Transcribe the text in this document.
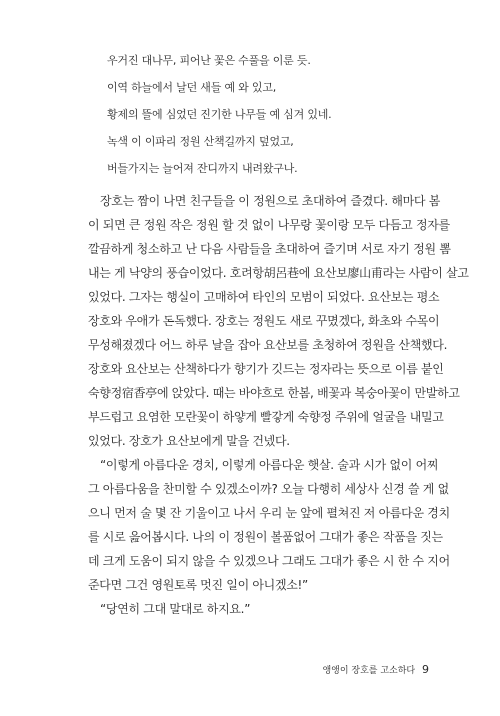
우거진 대나무, 피어난 꽃은 수풀을 이룬 듯.
이역 하늘에서 날던 새들 예 와 있고,
황제의 뜰에 심었던 진기한 나무들 예 심겨 있네.
녹색 이 이파리 정원 산책길까지 덮었고,
버들가지는 늘어져 잔디까지 내려왔구나.
장호는 짬이 나면 친구들을 이 정원으로 초대하여 즐겼다. 해마다 봄
이 되면 큰 정원 작은 정원 할 것 없이 나무랑 꽃이랑 모두 다듬고 정자를
깔끔하게 청소하고 난 다음 사람들을 초대하여 즐기며 서로 자기 정원 뽐
내는 게 낙양의 풍습이었다. 호려항胡呂巷에 요산보廖山甫라는 사람이 살고
있었다. 그자는 행실이 고매하여 타인의 모범이 되었다. 요산보는 평소
장호와 우애가 돈독했다. 장호는 정원도 새로 꾸몄겠다, 화초와 수목이
무성해졌겠다 어느 하루 날을 잡아 요산보를 초청하여 정원을 산책했다.
장호와 요산보는 산책하다가 향기가 깃드는 정자라는 뜻으로 이름 붙인
숙향정宿香亭에 앉았다. 때는 바야흐로 한봄, 배꽃과 복숭아꽃이 만발하고
부드럽고 요염한 모란꽃이 하얗게 빨갛게 숙향정 주위에 얼굴을 내밀고
있었다. 장호가 요산보에게 말을 건넸다.
“이렇게 아름다운 경치, 이렇게 아름다운 햇살. 술과 시가 없이 어찌
그 아름다움을 찬미할 수 있겠소이까? 오늘 다행히 세상사 신경 쓸 게 없
으니 먼저 술 몇 잔 기울이고 나서 우리 눈 앞에 펼쳐진 저 아름다운 경치
를 시로 읊어봅시다. 나의 이 정원이 볼품없어 그대가 좋은 작품을 짓는
데 크게 도움이 되지 않을 수 있겠으나 그래도 그대가 좋은 시 한 수 지어
준다면 그건 영원토록 멋진 일이 아니겠소!”
“당연히 그대 말대로 하지요.”
앵앵이 장호를 고소하다 9
